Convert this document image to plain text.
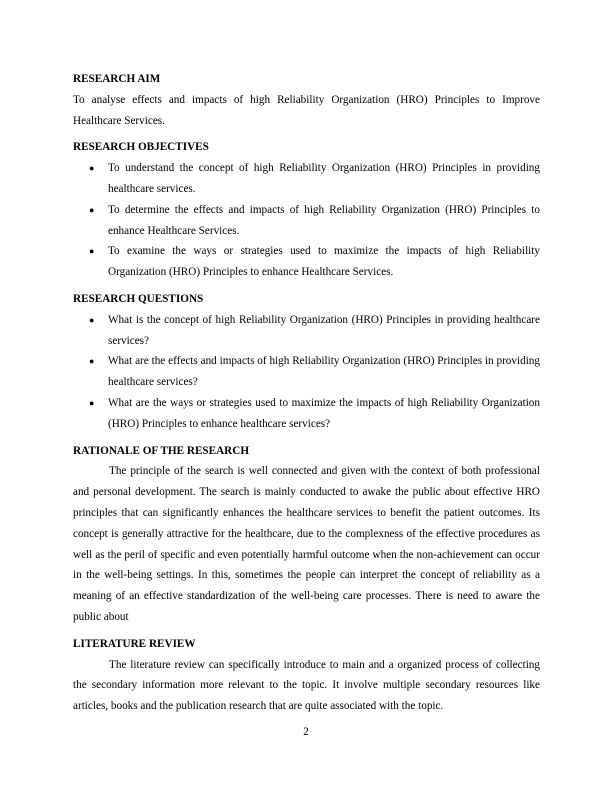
RESEARCH AIM

To analyse effects and impacts of high Reliability Organization (HRO) Principles to Improve Healthcare Services.

RESEARCH OBJECTIVES
● To understand the concept of high Reliability Organization (HRO) Principles in providing healthcare services.
● To determine the effects and impacts of high Reliability Organization (HRO) Principles to enhance Healthcare Services.
● To examine the ways or strategies used to maximize the impacts of high Reliability Organization (HRO) Principles to enhance Healthcare Services.
RESEARCH QUESTIONS
● What is the concept of high Reliability Organization (HRO) Principles in providing healthcare services?
● What are the effects and impacts of high Reliability Organization (HRO) Principles in providing healthcare services?
● What are the ways or strategies used to maximize the impacts of high Reliability Organization (HRO) Principles to enhance healthcare services?
RATIONALE OF THE RESEARCH

The principle of the search is well connected and given with the context of both professional and personal development. The search is mainly conducted to awake the public about effective HRO principles that can significantly enhances the healthcare services to benefit the patient outcomes. Its concept is generally attractive for the healthcare, due to the complexness of the effective procedures as well as the peril of specific and even potentially harmful outcome when the non-achievement can occur in the well-being settings. In this, sometimes the people can interpret the concept of reliability as a meaning of an effective standardization of the well-being care processes. There is need to aware the public about

LITERATURE REVIEW

The literature review can specifically introduce to main and a organized process of collecting the secondary information more relevant to the topic. It involve multiple secondary resources like articles, books and the publication research that are quite associated with the topic.

2
